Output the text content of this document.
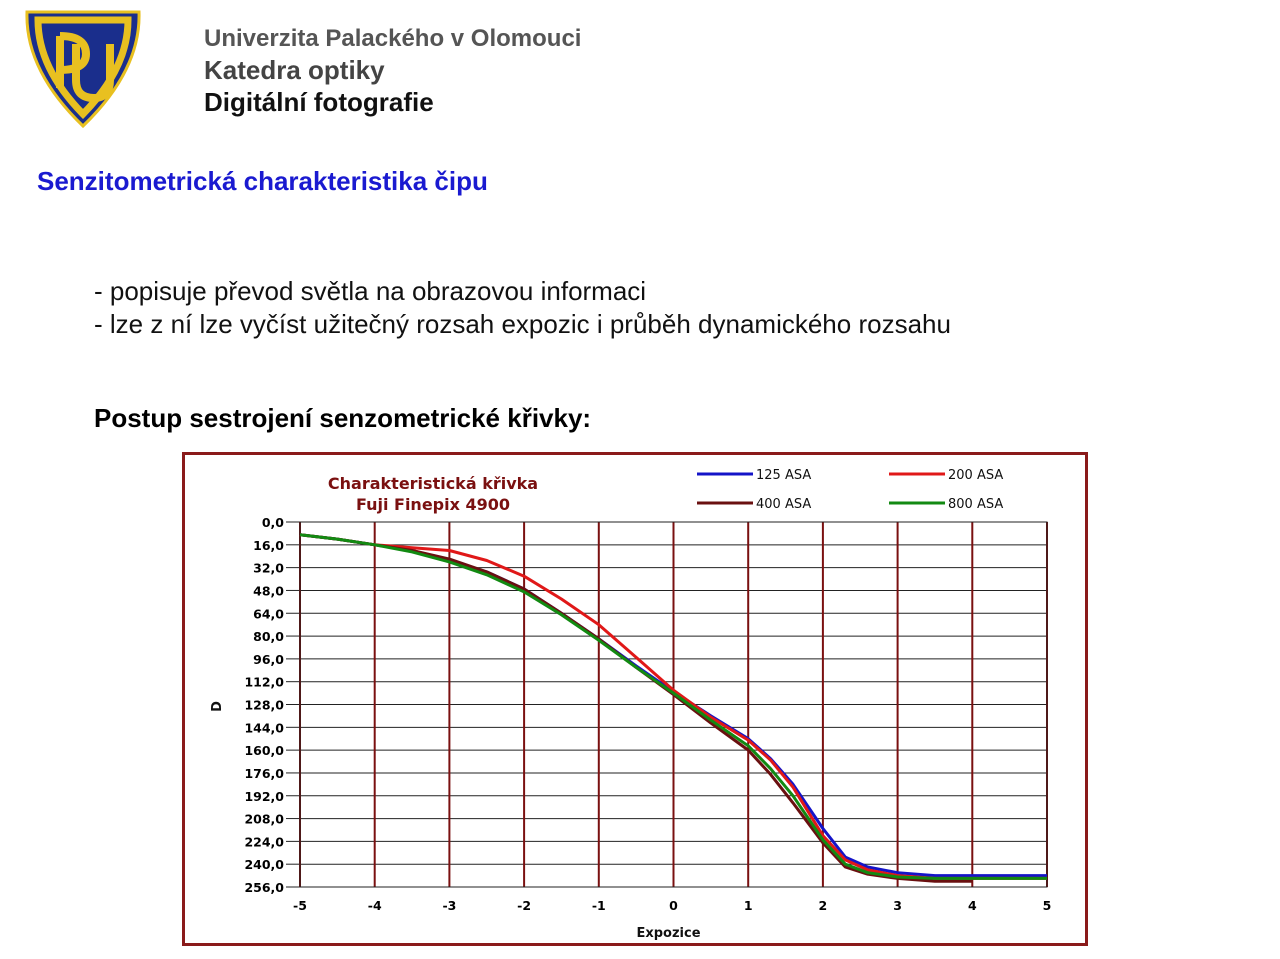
Univerzita Palackého v Olomouci
Katedra optiky
Digitální fotografie
Senzitometrická charakteristika čipu
- popisuje převod světla na obrazovou informaci
- lze z ní lze vyčíst užitečný rozsah expozic i průběh dynamického rozsahu
Postup sestrojení senzometrické křivky:
0,0
16,0
32,0
48,0
64,0
80,0
96,0
112,0
128,0
144,0
160,0
176,0
192,0
208,0
224,0
240,0
256,0
-5	-4	-3	-2	-1	0	1	2	3	4	5
Charakteristická křivka
Fuji Finepix 4900
125 ASA	200 ASA
400 ASA	800 ASA
Expozice
D
